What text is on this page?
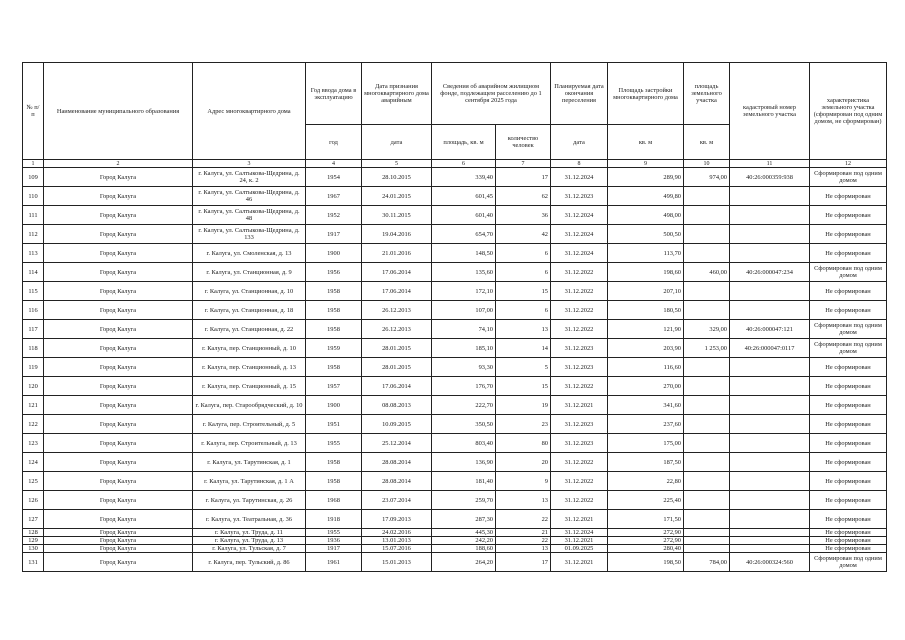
№ п/п	Наименование муниципального образования	Адрес многоквартирного дома	Год ввода дома в эксплуатацию	Дата признания многоквартирного дома аварийным	Сведения об аварийном жилищном фонде, подлежащем расселению до 1 сентября 2025 года		Планируемая дата окончания переселения	Площадь застройки многоквартирного дома	площадь земельного участка	кадастровый номер земельного участка	характеристика земельного участка (сформирован под одним домом, не сформирован)
			год	дата	площадь, кв. м	количество человек	дата	кв. м	кв. м		
1	2	3	4	5	6	7	8	9	10	11	12
109	Город Калуга	г. Калуга, ул. Салтыкова-Щедрина, д. 24, к. 2	1954	28.10.2015	339,40	17	31.12.2024	289,90	974,00	40:26:000359:938	Сформирован под одним домом
110	Город Калуга	г. Калуга, ул. Салтыкова-Щедрина, д. 46	1967	24.01.2015	601,45	62	31.12.2023	499,80			Не сформирован
111	Город Калуга	г. Калуга, ул. Салтыкова-Щедрина, д. 48	1952	30.11.2015	601,40	36	31.12.2024	498,00			Не сформирован
112	Город Калуга	г. Калуга, ул. Салтыкова-Щедрина, д. 133	1917	19.04.2016	654,70	42	31.12.2024	500,50			Не сформирован
113	Город Калуга	г. Калуга, ул. Смоленская, д. 13	1900	21.01.2016	148,50	6	31.12.2024	113,70			Не сформирован
114	Город Калуга	г. Калуга, ул. Станционная, д. 9	1956	17.06.2014	135,60	6	31.12.2022	198,60	460,00	40:26:000047:234	Сформирован под одним домом
115	Город Калуга	г. Калуга, ул. Станционная, д. 10	1958	17.06.2014	172,10	15	31.12.2022	207,10			Не сформирован
116	Город Калуга	г. Калуга, ул. Станционная, д. 18	1958	26.12.2013	107,00	6	31.12.2022	180,50			Не сформирован
117	Город Калуга	г. Калуга, ул. Станционная, д. 22	1958	26.12.2013	74,10	13	31.12.2022	121,90	329,00	40:26:000047:121	Сформирован под одним домом
118	Город Калуга	г. Калуга, пер. Станционный, д. 10	1959	28.01.2015	185,10	14	31.12.2023	203,90	1 253,00	40:26:000047:0117	Сформирован под одним домом
119	Город Калуга	г. Калуга, пер. Станционный, д. 13	1958	28.01.2015	93,30	5	31.12.2023	116,60			Не сформирован
120	Город Калуга	г. Калуга, пер. Станционный, д. 15	1957	17.06.2014	176,70	15	31.12.2022	270,00			Не сформирован
121	Город Калуга	г. Калуга, пер. Старообрядческий, д. 10	1900	08.08.2013	222,70	19	31.12.2021	341,60			Не сформирован
122	Город Калуга	г. Калуга, пер. Строительный, д. 5	1951	10.09.2015	350,50	23	31.12.2023	237,60			Не сформирован
123	Город Калуга	г. Калуга, пер. Строительный, д. 13	1955	25.12.2014	803,40	80	31.12.2023	175,00			Не сформирован
124	Город Калуга	г. Калуга, ул. Тарутинская, д. 1	1958	28.08.2014	136,90	20	31.12.2022	187,50			Не сформирован
125	Город Калуга	г. Калуга, ул. Тарутинская, д. 1 А	1958	28.08.2014	181,40	9	31.12.2022	22,80			Не сформирован
126	Город Калуга	г. Калуга, ул. Тарутинская, д. 26	1968	23.07.2014	259,70	13	31.12.2022	225,40			Не сформирован
127	Город Калуга	г. Калуга, ул. Театральная, д. 36	1918	17.09.2013	287,30	22	31.12.2021	171,50			Не сформирован
128	Город Калуга	г. Калуга, ул. Труда, д. 11	1955	24.02.2016	445,30	21	31.12.2024	272,90			Не сформирован
129	Город Калуга	г. Калуга, ул. Труда, д. 13	1936	13.01.2013	242,20	22	31.12.2021	272,90			Не сформирован
130	Город Калуга	г. Калуга, ул. Тульская, д. 7	1917	15.07.2016	188,60	13	01.09.2025	280,40			Не сформирован
131	Город Калуга	г. Калуга, пер. Тульский, д. 86	1961	15.01.2013	264,20	17	31.12.2021	198,50	784,00	40:26:000324:560	Сформирован под одним домом
